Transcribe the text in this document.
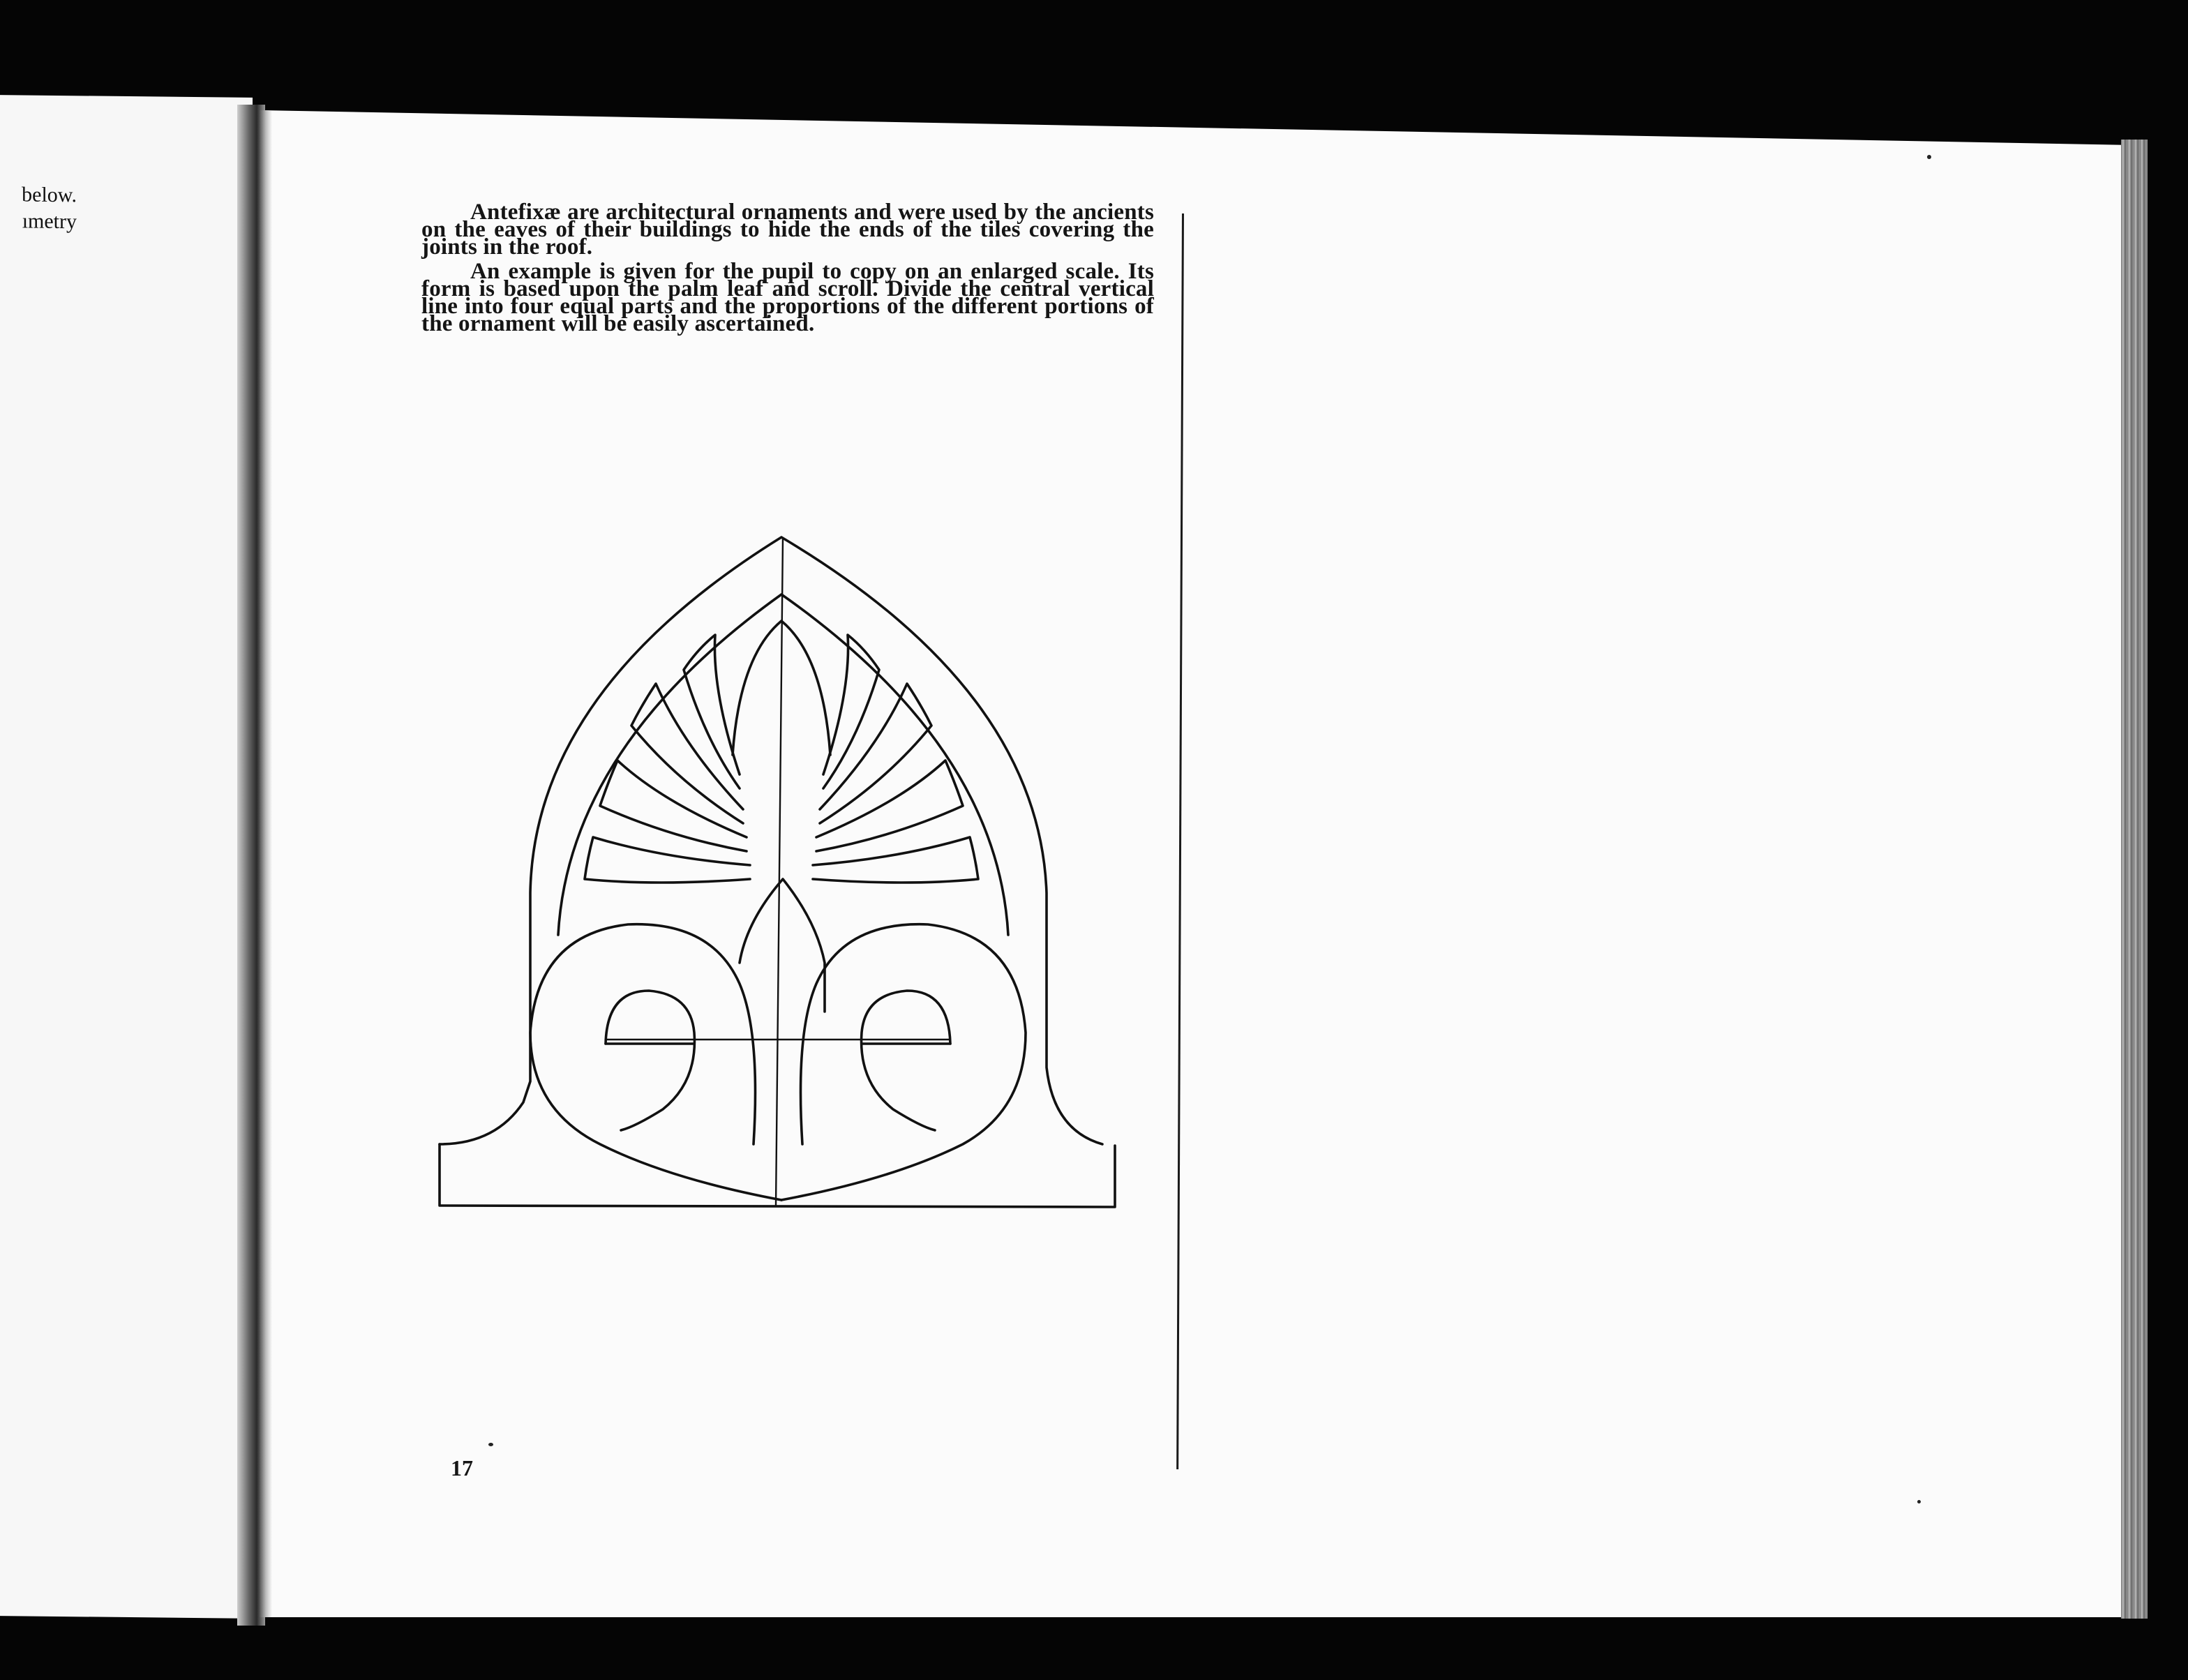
below.
ımetry	Antefixæ are architectural ornaments and were used by the ancients on the eaves of their buildings to hide the ends of the tiles covering the joints in the roof.

An example is given for the pupil to copy on an enlarged scale. Its form is based upon the palm leaf and scroll. Divide the central vertical line into four equal parts and the proportions of the different portions of the ornament will be easily ascertained.

17
